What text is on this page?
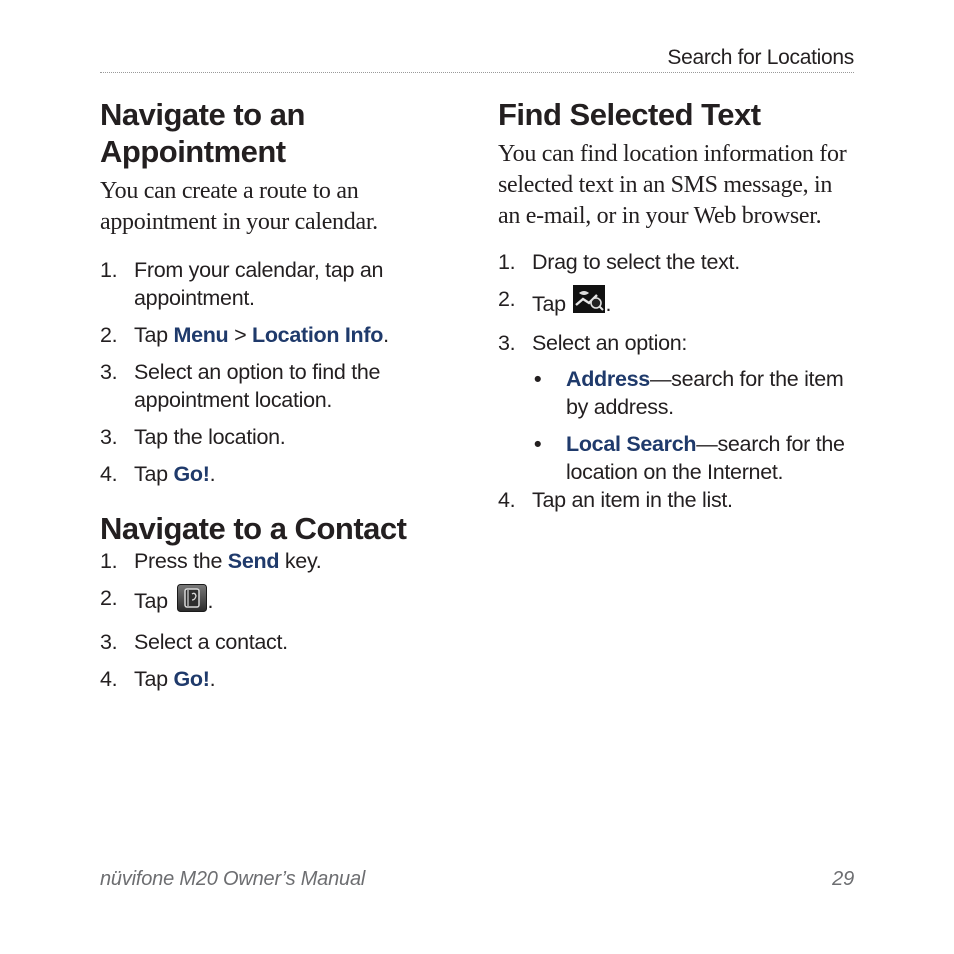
Search for Locations
Navigate to an Appointment

You can create a route to an appointment in your calendar.

1. From your calendar, tap an appointment.
2. Tap Menu > Location Info.
3. Select an option to find the appointment location.
3. Tap the location.
4. Tap Go!.
Navigate to a Contact
1. Press the Send key.
2. Tap .
3. Select a contact.
4. Tap Go!.
Find Selected Text

You can find location information for selected text in an SMS message, in an e-mail, or in your Web browser.

1. Drag to select the text.
2. Tap .
3. Select an option:
• Address—search for the item by address.
• Local Search—search for the location on the Internet.
4. Tap an item in the list.
nüvifone M20 Owner’s Manual	29
